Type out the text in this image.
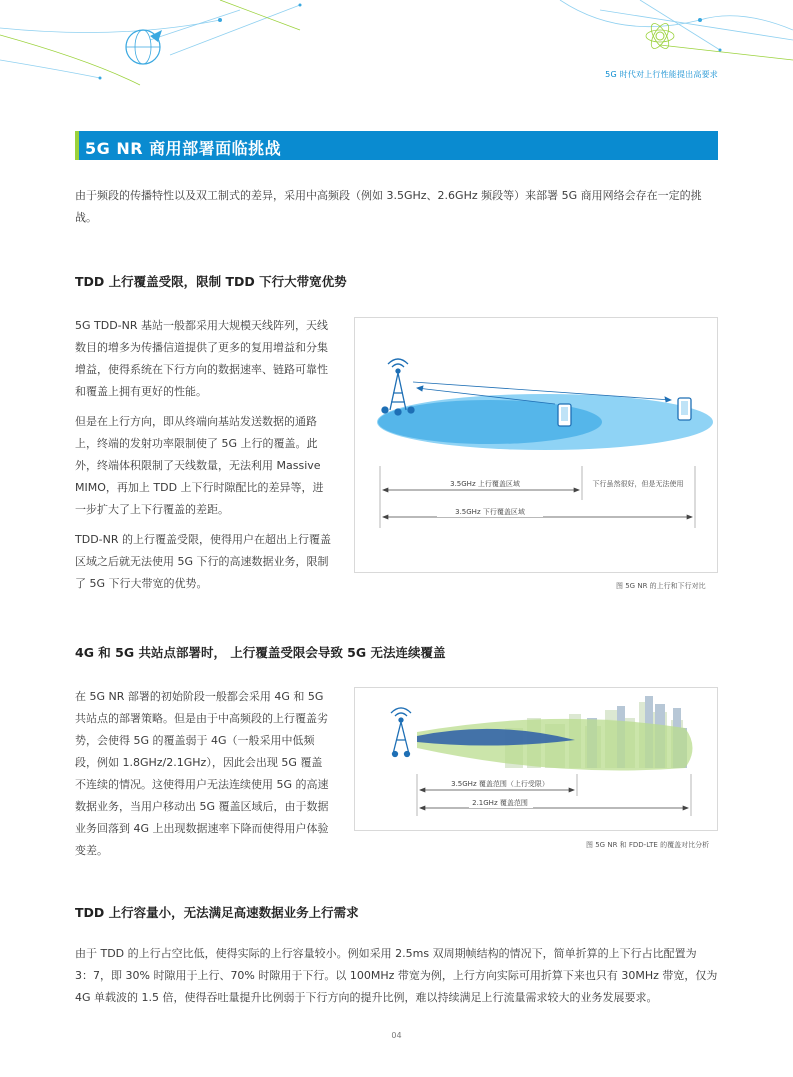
5G 时代对上行性能提出高要求
5G NR 商用部署面临挑战

由于频段的传播特性以及双工制式的差异，采用中高频段（例如 3.5GHz、2.6GHz 频段等）来部署 5G 商用网络会存在一定的挑战。

TDD 上行覆盖受限，限制 TDD 下行大带宽优势

5G TDD-NR 基站一般都采用大规模天线阵列，天线数目的增多为传播信道提供了更多的复用增益和分集增益，使得系统在下行方向的数据速率、链路可靠性和覆盖上拥有更好的性能。

但是在上行方向，即从终端向基站发送数据的通路上，终端的发射功率限制使了 5G 上行的覆盖。此外，终端体积限制了天线数量，无法利用 Massive MIMO，再加上 TDD 上下行时隙配比的差异等，进一步扩大了上下行覆盖的差距。

TDD-NR 的上行覆盖受限，使得用户在超出上行覆盖区域之后就无法使用 5G 下行的高速数据业务，限制了 5G 下行大带宽的优势。

3.5GHz 上行覆盖区域	下行虽然很好，但是无法使用
3.5GHz 下行覆盖区域
图 5G NR 的上行和下行对比
4G 和 5G 共站点部署时， 上行覆盖受限会导致 5G 无法连续覆盖

在 5G NR 部署的初始阶段一般都会采用 4G 和 5G 共站点的部署策略。但是由于中高频段的上行覆盖劣势，会使得 5G 的覆盖弱于 4G（一般采用中低频段，例如 1.8GHz/2.1GHz），因此会出现 5G 覆盖不连续的情况。这使得用户无法连续使用 5G 的高速数据业务，当用户移动出 5G 覆盖区域后，由于数据业务回落到 4G 上出现数据速率下降而使得用户体验变差。

3.5GHz 覆盖范围（上行受限）
2.1GHz 覆盖范围
图 5G NR 和 FDD-LTE 的覆盖对比分析
TDD 上行容量小，无法满足高速数据业务上行需求

由于 TDD 的上行占空比低，使得实际的上行容量较小。例如采用 2.5ms 双周期帧结构的情况下，简单折算的上下行占比配置为 3：7，即 30% 时隙用于上行、70% 时隙用于下行。以 100MHz 带宽为例，上行方向实际可用折算下来也只有 30MHz 带宽，仅为 4G 单载波的 1.5 倍，使得吞吐量提升比例弱于下行方向的提升比例，难以持续满足上行流量需求较大的业务发展要求。

04
